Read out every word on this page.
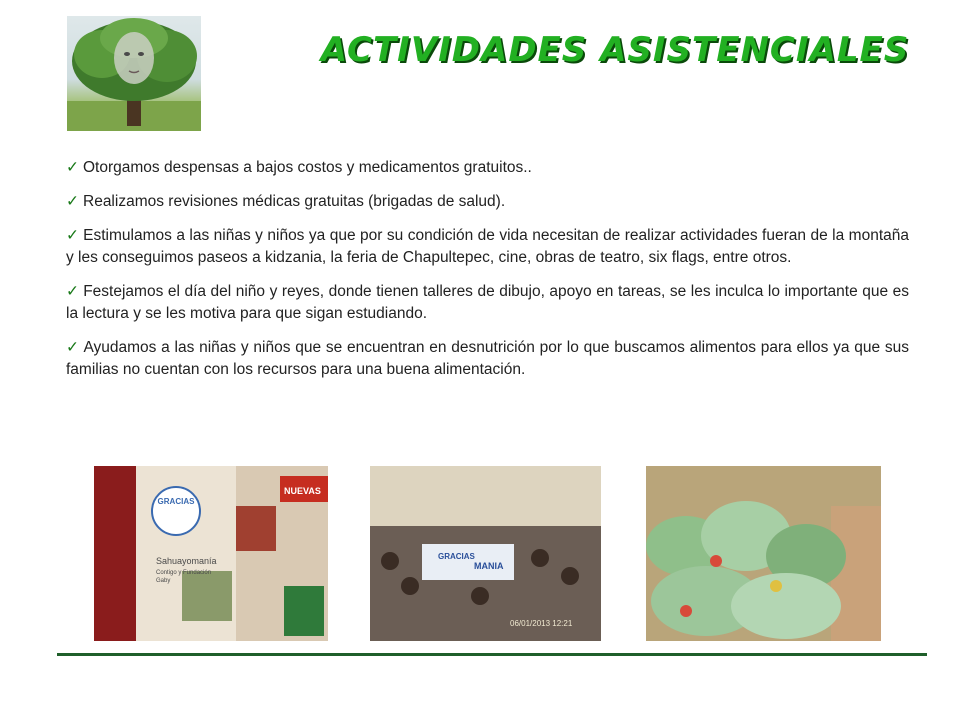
ACTIVIDADES ASISTENCIALES

✓ Otorgamos despensas a bajos costos y medicamentos gratuitos..

✓ Realizamos revisiones médicas gratuitas (brigadas de salud).

✓ Estimulamos a las niñas y niños ya que por su condición de vida necesitan de realizar actividades fueran de la montaña y les conseguimos paseos a kidzania, la feria de Chapultepec, cine, obras de teatro, six flags, entre otros.

✓ Festejamos el día del niño y reyes, donde tienen talleres de dibujo, apoyo en tareas, se les inculca lo importante que es la lectura y se les motiva para que sigan estudiando.

✓ Ayudamos a las niñas y niños que se encuentran en desnutrición por lo que buscamos alimentos para ellos ya que sus familias no cuentan con los recursos para una buena alimentación.

GRACIAS
Sahuayomanía
Contigo y Fundación
Gaby
NUEVAS
GRACIAS
MANIA
06/01/2013 12:21
